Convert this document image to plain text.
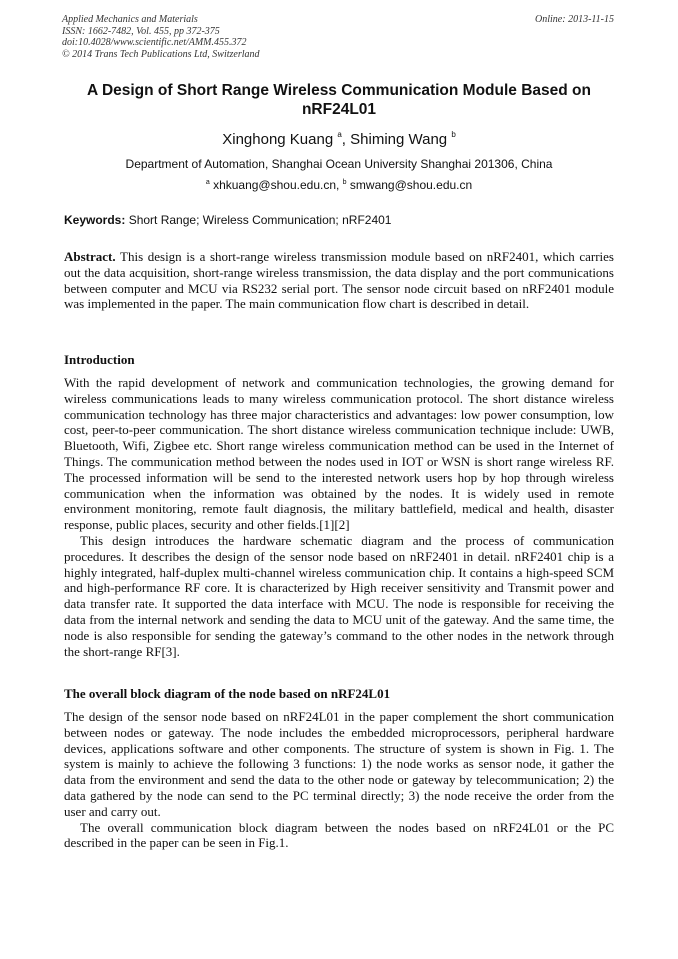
Applied Mechanics and Materials
ISSN: 1662-7482, Vol. 455, pp 372-375
doi:10.4028/www.scientific.net/AMM.455.372
© 2014 Trans Tech Publications Ltd, Switzerland
Online: 2013-11-15
A Design of Short Range Wireless Communication Module Based on nRF24L01
Xinghong Kuang $^a$, Shiming Wang $^b$
Department of Automation, Shanghai Ocean University Shanghai 201306, China
$^a$ xhkuang@shou.edu.cn, $^b$ smwang@shou.edu.cn
Keywords: Short Range; Wireless Communication; nRF2401
Abstract. This design is a short-range wireless transmission module based on nRF2401, which carries out the data acquisition, short-range wireless transmission, the data display and the port communications between computer and MCU via RS232 serial port. The sensor node circuit based on nRF2401 module was implemented in the paper. The main communication flow chart is described in detail.
Introduction

With the rapid development of network and communication technologies, the growing demand for wireless communications leads to many wireless communication protocol. The short distance wireless communication technology has three major characteristics and advantages: low power consumption, low cost, peer-to-peer communication. The short distance wireless communication technique include: UWB, Bluetooth, Wifi, Zigbee etc. Short range wireless communication method can be used in the Internet of Things. The communication method between the nodes used in IOT or WSN is short range wireless RF. The processed information will be send to the interested network users hop by hop through wireless communication when the information was obtained by the nodes. It is widely used in remote environment monitoring, remote fault diagnosis, the military battlefield, medical and health, disaster response, public places, security and other fields.[1][2]

This design introduces the hardware schematic diagram and the process of communication procedures. It describes the design of the sensor node based on nRF2401 in detail. nRF2401 chip is a highly integrated, half-duplex multi-channel wireless communication chip. It contains a high-speed SCM and high-performance RF core. It is characterized by High receiver sensitivity and Transmit power and data transfer rate. It supported the data interface with MCU. The node is responsible for receiving the data from the internal network and sending the data to MCU unit of the gateway. And the same time, the node is also responsible for sending the gateway’s command to the other nodes in the network through the short-range RF[3].

The overall block diagram of the node based on nRF24L01

The design of the sensor node based on nRF24L01 in the paper complement the short communication between nodes or gateway. The node includes the embedded microprocessors, peripheral hardware devices, applications software and other components. The structure of system is shown in Fig. 1. The system is mainly to achieve the following 3 functions: 1) the node works as sensor node, it gather the data from the environment and send the data to the other node or gateway by telecommunication; 2) the data gathered by the node can send to the PC terminal directly; 3) the node receive the order from the user and carry out.

The overall communication block diagram between the nodes based on nRF24L01 or the PC described in the paper can be seen in Fig.1.
